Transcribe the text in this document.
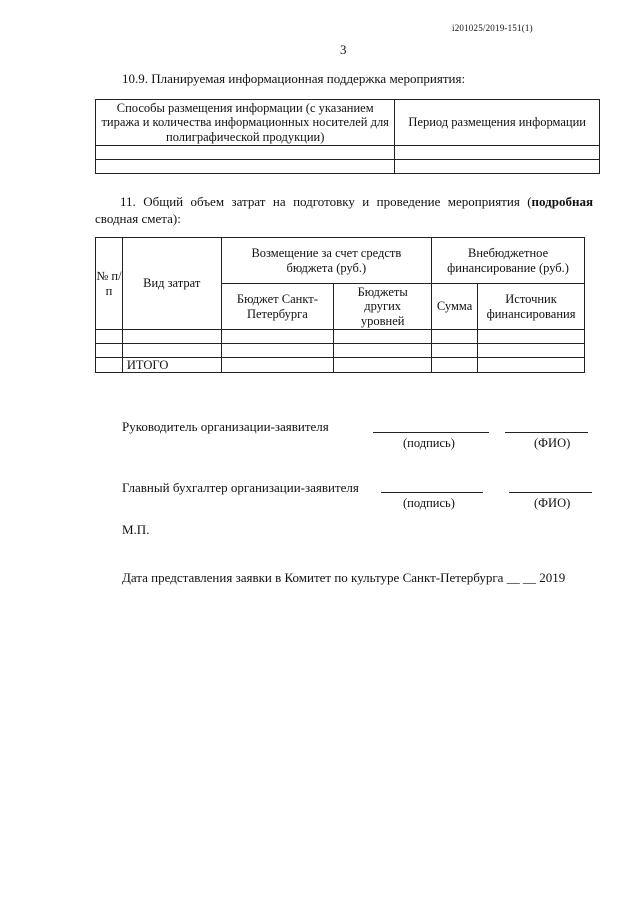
i201025/2019-151(1)
3
10.9. Планируемая информационная поддержка мероприятия:
Способы размещения информации (с указанием тиража и количества информационных носителей для полиграфической продукции)	Период размещения информации

11. Общий объем затрат на подготовку и проведение мероприятия (подробная сводная смета):
№ п/п	Вид затрат	Возмещение за счет средств бюджета (руб.)		Внебюджетное финансирование (руб.)	
		Бюджет Санкт-Петербурга	Бюджеты других уровней	Сумма	Источник финансирования

	ИТОГО				
Руководитель организации-заявителя
(подпись)	(ФИО)
Главный бухгалтер организации-заявителя
(подпись)	(ФИО)
М.П.
Дата представления заявки в Комитет по культуре Санкт-Петербурга __ __ 2019
